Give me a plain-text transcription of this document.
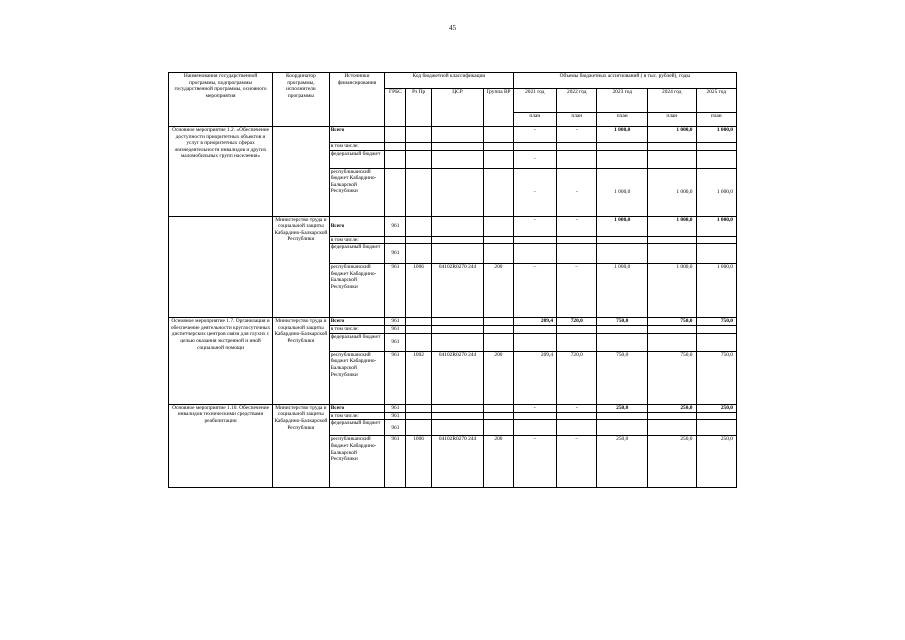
45
Наименования государственной программы, подпрограммы государственной программы, основного мероприятия	Координатор программы, исполнители программы	Источники финансирования	Код бюджетной классификации				Объемы бюджетных ассигнований ( в тыс. рублей), годы				
			ГРБС	Рз Пр	ЦСР	Группа ВР	2021 год	2022 год	2023 год	2024 год	2025 год
							план	план	план	план	план
Основное мероприятие 1.2. «Обеспечение доступности приоритетных объектов и услуг в приоритетных сферах жизнедеятельности инвалидов и других маломобильных групп населения»		Всего					-	-	1 000,0	1 000,0	1 000,0
		в том числе:									
		федеральный бюджет					-				
		республиканский бюджет Кабардино-Балкарской Республики					-	-	1 000,0	1 000,0	1 000,0
	Министерство труда и социальной защиты Кабардино-Балкарской Республики	Всего	961				-	-	1 000,0	1 000,0	1 000,0
		в том числе:									
		федеральный бюджет	961								
		республиканский бюджет Кабардино-Балкарской Республики	961	1006	04102R0270 244	200	–	–	1 000,0	1 000,0	1 000,0
Основное мероприятие 1.7. Организация и обеспечение деятельности круглосуточных диспетчерских центров связи для глухих с целью оказания экстренной и иной социальной помощи	Министерство труда и социальной защиты Кабардино-Балкарской Республики	Всего	961				209,4	720,0	750,0	750,0	750,0
		в том числе:	961								
		федеральный бюджет	961								
		республиканский бюджет Кабардино-Балкарской Республики	961	1002	04102R0270 244	200	209,4	720,0	750,0	750,0	750,0
Основное мероприятие 1.10. Обеспечение инвалидов техническими средствами реабилитации	Министерство труда и социальной защиты Кабардино-Балкарской Республики	Всего	961				-	-	250,0	250,0	250,0
		в том числе:	961								
		федеральный бюджет	961								
		республиканский бюджет Кабардино-Балкарской Республики	961	1006	04102R0270 244	200	–	–	250,0	250,0	250,0
